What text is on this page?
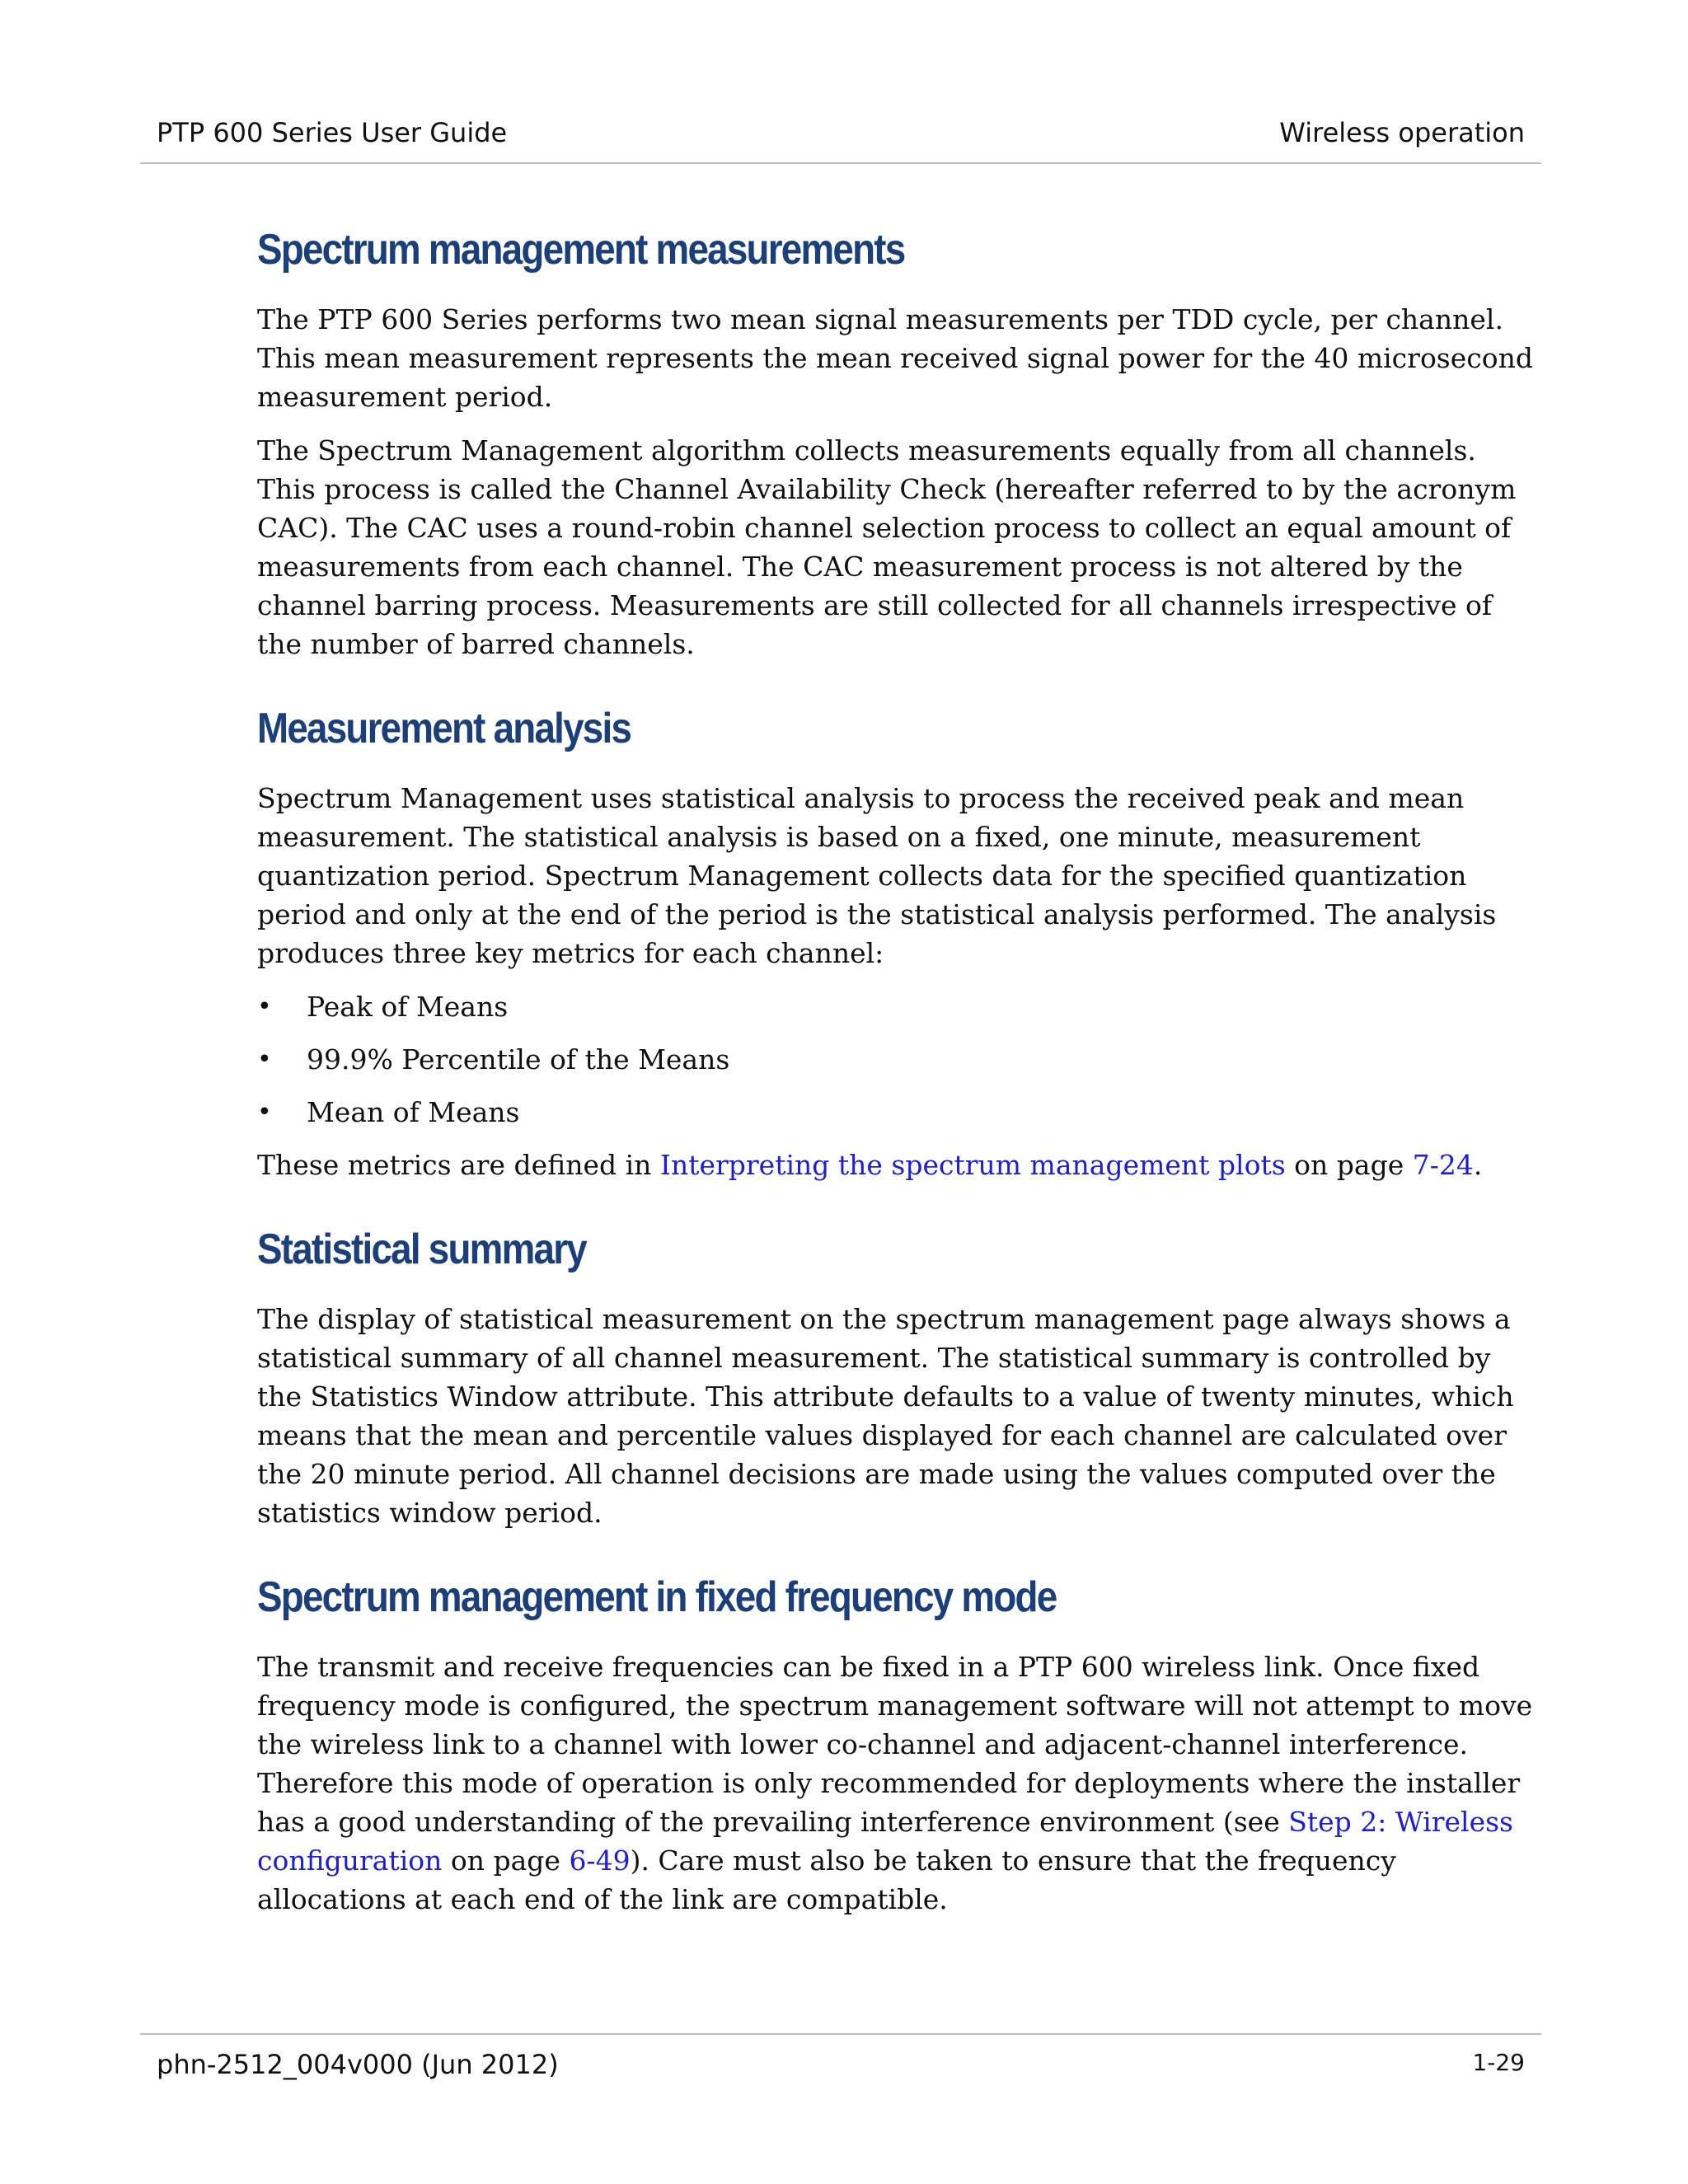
PTP 600 Series User Guide	Wireless operation
Spectrum management measurements

The PTP 600 Series performs two mean signal measurements per TDD cycle, per channel. This mean measurement represents the mean received signal power for the 40 microsecond measurement period.

The Spectrum Management algorithm collects measurements equally from all channels. This process is called the Channel Availability Check (hereafter referred to by the acronym CAC). The CAC uses a round-robin channel selection process to collect an equal amount of measurements from each channel. The CAC measurement process is not altered by the channel barring process. Measurements are still collected for all channels irrespective of the number of barred channels.

Measurement analysis

Spectrum Management uses statistical analysis to process the received peak and mean measurement. The statistical analysis is based on a fixed, one minute, measurement quantization period. Spectrum Management collects data for the specified quantization period and only at the end of the period is the statistical analysis performed. The analysis produces three key metrics for each channel:

• Peak of Means
• 99.9% Percentile of the Means
• Mean of Means

These metrics are defined in Interpreting the spectrum management plots on page 7-24.

Statistical summary

The display of statistical measurement on the spectrum management page always shows a statistical summary of all channel measurement. The statistical summary is controlled by the Statistics Window attribute. This attribute defaults to a value of twenty minutes, which means that the mean and percentile values displayed for each channel are calculated over the 20 minute period. All channel decisions are made using the values computed over the statistics window period.

Spectrum management in fixed frequency mode

The transmit and receive frequencies can be fixed in a PTP 600 wireless link. Once fixed frequency mode is configured, the spectrum management software will not attempt to move the wireless link to a channel with lower co-channel and adjacent-channel interference. Therefore this mode of operation is only recommended for deployments where the installer has a good understanding of the prevailing interference environment (see Step 2: Wireless configuration on page 6-49). Care must also be taken to ensure that the frequency allocations at each end of the link are compatible.

phn-2512_004v000 (Jun 2012)	1-29
